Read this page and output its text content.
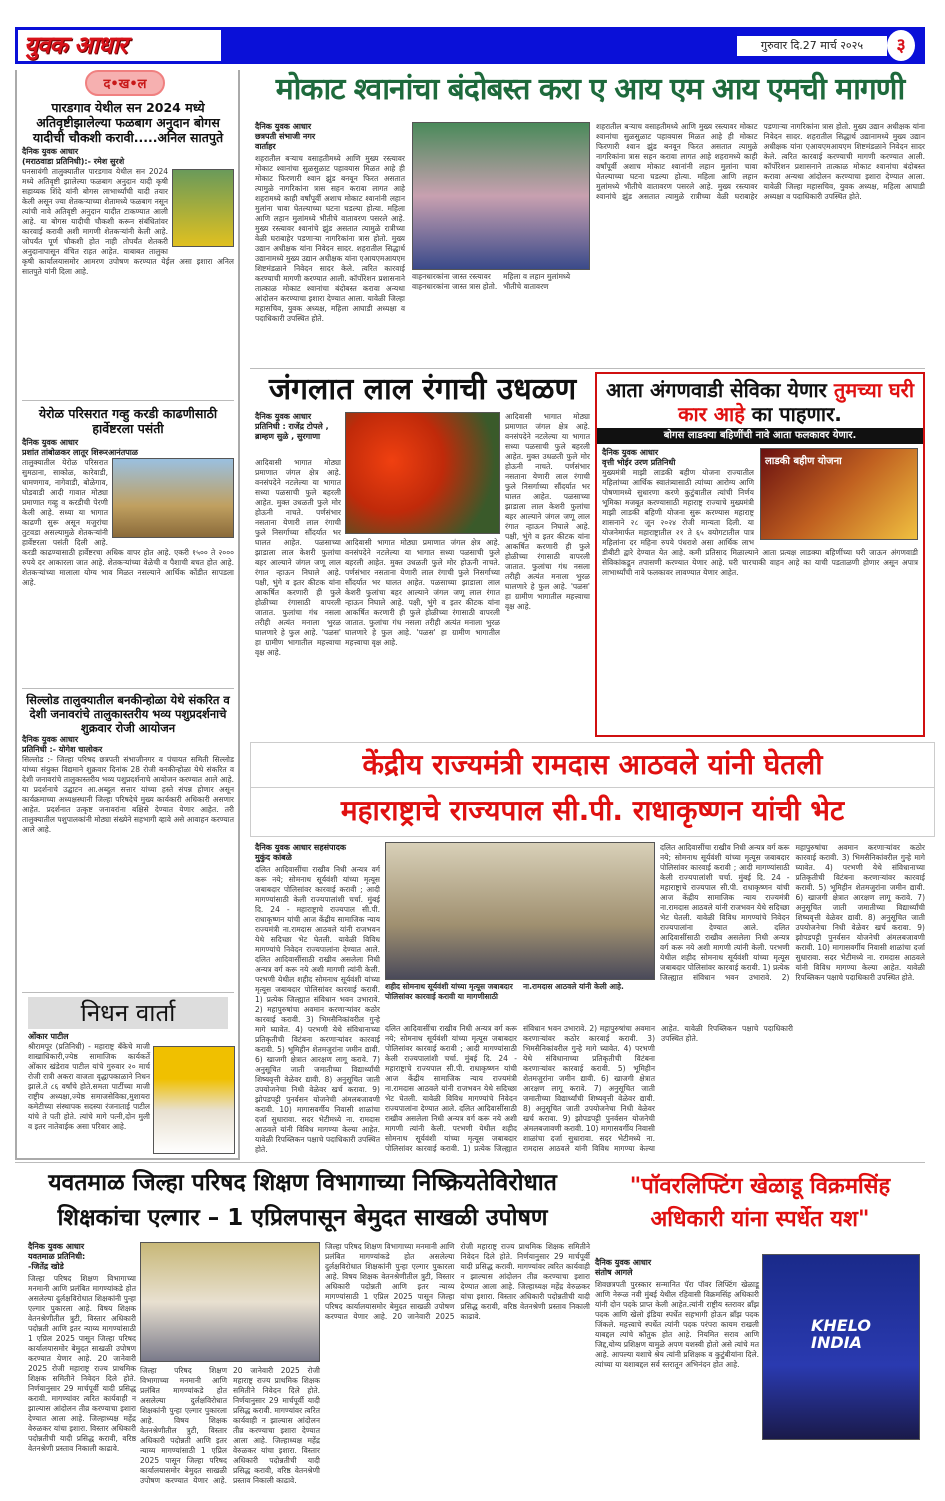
युवक आधार	गुरुवार दि.27 मार्च २०२५	३
द•ख•ल
पारडगाव येथील सन 2024 मध्ये अतिवृष्टीझालेल्या फळबाग अनुदान बोगस यादीची चौकशी करावी.....अनिल सातपुते
दैनिक युवक आधार
(मराठवाडा प्रतिनिधी):- रमेश सुरशे
घनसावंगी तालुक्यातील पारडगाव येथील सन 2024 मध्ये अतिवृष्टी झालेल्या फळबाग अनुदान यादी कृषी सहाय्यक शिंदे यांनी बोगस लाभार्थ्यांची यादी तयार केली असून ज्या शेतकऱ्याच्या शेतामध्ये फळबाग नसून त्यांची नावे अतिवृष्टी अनुदान यादीत टाकण्यात आली आहे. या बोगस यादीची चौकशी करून संबंधितांवर कारवाई करावी अशी मागणी शेतकऱ्यांनी केली आहे. जोपर्यंत पूर्ण चौकशी होत नाही तोपर्यंत शेतकरी अनुदानापासून वंचित राहत आहेत. याबाबत तालुका कृषी कार्यालयासमोर आमरण उपोषण करण्यात येईल असा इशारा अनिल सातपुते यांनी दिला आहे.
येरोळ परिसरात गव्हु करडी काढणीसाठी हार्वेष्टरला पसंती
दैनिक युवक आधार
प्रशांत तांबोळकर लातूर शिरूरआनंतपाळ
तालुक्यातील येरोळ परिसरात सुमठाना, साकोळ, कारेवाडी, धामणगाव, नागेवाडी, बोळेगाव, घोडवाडी आदी गावात मोठ्या प्रमाणात गव्हु व करडीची पेरणी केली आहे. सध्या या भागात काढणी सुरू असून मजुरांचा तुटवडा असल्यामुळे शेतकऱ्यांनी हार्वेष्टरला पसंती दिली आहे. करडी काढण्यासाठी हार्वेष्टरचा अधिक वापर होत आहे. एकरी १५०० ते २००० रुपये दर आकारला जात आहे. शेतकऱ्यांच्या वेळेची व पैशाची बचत होत आहे. शेतकऱ्यांच्या मालाला योग्य भाव मिळत नसल्याने आर्थिक कोंडीत सापडला आहे.
सिल्लोड तालुक्यातील बनकीन्होळा येथे संकरित व देशी जनावरांचे तालुकास्तरीय भव्य पशुप्रदर्शनाचे शुक्रवार रोजी आयोजन
दैनिक युवक आधार
प्रतिनिधी :- योगेश चालोकर
सिल्लोड :- जिल्हा परिषद छत्रपती संभाजीनगर व पंचायत समिती सिल्लोड यांच्या संयुक्त विद्यमाने शुक्रवार दिनांक 28 रोजी बनकीन्होळा येथे संकरित व देशी जनावरांचे तालुकास्तरीय भव्य पशुप्रदर्शनाचे आयोजन करण्यात आले आहे. या प्रदर्शनाचे उद्घाटन आ.अब्दुल सत्तार यांच्या हस्ते संपन्न होणार असून कार्यक्रमाच्या अध्यक्षस्थानी जिल्हा परिषदेचे मुख्य कार्यकारी अधिकारी असणार आहेत. प्रदर्शनात उत्कृष्ट जनावरांना बक्षिसे देण्यात येणार आहेत. तरी तालुक्यातील पशुपालकांनी मोठ्या संख्येने सहभागी व्हावे असे आवाहन करण्यात आले आहे.
निधन वार्ता
ओंकार पाटील
श्रीरामपूर (प्रतिनिधी) - महाराष्ट्र बँकेचे माजी शाखाधिकारी,ज्येष्ठ सामाजिक कार्यकर्ते ओंकार खंडेराव पाटील यांचे गुरुवार २० मार्च रोजी रात्री अकरा वाजता वृद्धापकाळाने निधन झाले.ते ८६ वर्षांचे होते.समता पार्टीच्या माजी राष्ट्रीय अध्यक्षा,ज्येष्ठ समाजसेविका,मुशायरा कमेटीच्या संस्थापक सदस्या रंजनाताई पाटील यांचे ते पती होते. त्यांचे मागे पत्नी,दोन मुली व इतर नातेवाईक असा परिवार आहे.
मोकाट श्वानांचा बंदोबस्त करा ए आय एम आय एमची मागणी
दैनिक युवक आधार
छत्रपती संभाजी नगर
वार्ताहर
शहरातील बऱ्याच वसाहतीमध्ये आणि मुख्य रस्त्यावर मोकाट श्वानांचा सुळसुळाट पहावयास मिळत आहे ही मोकाट फिरणारी श्वान झुंड बनवून फिरत असतात त्यामुळे नागरिकांना त्रास सहन करावा लागत आहे शहरामध्ये काही वर्षांपूर्वी अशाच मोकाट श्वानांनी लहान मुलांना चावा घेतल्याच्या घटना घडल्या होत्या. महिला आणि लहान मुलांमध्ये भीतीचे वातावरण पसरले आहे. मुख्य रस्त्यावर श्वानांचे झुंड असतात त्यामुळे रात्रीच्या वेळी घराबाहेर पडणाऱ्या नागरिकांना त्रास होतो. मुख्य उद्यान अधीक्षक यांना निवेदन सादर. शहरातील सिद्धार्थ उद्यानामध्ये मुख्य उद्यान अधीक्षक यांना एआयएमआयएम शिष्टमंडळाने निवेदन सादर केले. त्वरित कारवाई करण्याची मागणी करण्यात आली. कॉर्पोरेशन प्रशासनाने तात्काळ मोकाट श्वानांचा बंदोबस्त करावा अन्यथा आंदोलन करण्याचा इशारा देण्यात आला. यावेळी जिल्हा महासचिव, युवक अध्यक्ष, महिला आघाडी अध्यक्षा व पदाधिकारी उपस्थित होते.
शहरातील बऱ्याच वसाहतीमध्ये आणि मुख्य रस्त्यावर मोकाट श्वानांचा सुळसुळाट पहावयास मिळत आहे ही मोकाट फिरणारी श्वान झुंड बनवून फिरत असतात त्यामुळे नागरिकांना त्रास सहन करावा लागत आहे शहरामध्ये काही वर्षांपूर्वी अशाच मोकाट श्वानांनी लहान मुलांना चावा घेतल्याच्या घटना घडल्या होत्या. महिला आणि लहान मुलांमध्ये भीतीचे वातावरण पसरले आहे. मुख्य रस्त्यावर श्वानांचे झुंड असतात त्यामुळे रात्रीच्या वेळी घराबाहेर पडणाऱ्या नागरिकांना त्रास होतो. मुख्य उद्यान अधीक्षक यांना निवेदन सादर. शहरातील सिद्धार्थ उद्यानामध्ये मुख्य उद्यान अधीक्षक यांना एआयएमआयएम शिष्टमंडळाने निवेदन सादर केले. त्वरित कारवाई करण्याची मागणी करण्यात आली. कॉर्पोरेशन प्रशासनाने तात्काळ मोकाट श्वानांचा बंदोबस्त करावा अन्यथा आंदोलन करण्याचा इशारा देण्यात आला. यावेळी जिल्हा महासचिव, युवक अध्यक्ष, महिला आघाडी अध्यक्षा व पदाधिकारी उपस्थित होते.
वाहनधारकांना जास्त रस्त्यावर वाहनधारकांना जास्त त्रास होतो. महिला व लहान मुलांमध्ये भीतीचे वातावरण
जंगलात लाल रंगाची उधळण
दैनिक युवक आधार
प्रतिनिधी : राजेंद्र टोपले , ब्राम्हण सुळे , सुरगाणा
आदिवासी भागात मोठ्या प्रमाणात जंगल क्षेत्र आहे. वनसंपदेने नटलेल्या या भागात सध्या पळसाची फुले बहरली आहेत. मुक्त उधळती फुले मोर होऊनी नाचते. पर्णसंभार नसताना येणारी लाल रंगाची फुले निसर्गाच्या सौंदर्यात भर घालत आहेत. पळसाच्या झाडाला लाल केशरी फुलांचा बहर आल्याने जंगल जणू लाल रंगात न्हाऊन निघाले आहे. पक्षी, भुंगे व इतर कीटक यांना आकर्षित करणारी ही फुले होळीच्या रंगासाठी वापरली जातात. फुलांचा गंध नसला तरीही अत्यंत मनाला भुरळ घालणारे हे फुल आहे. 'पळस' हा ग्रामीण भागातील महत्त्वाचा वृक्ष आहे.
आदिवासी भागात मोठ्या प्रमाणात जंगल क्षेत्र आहे. वनसंपदेने नटलेल्या या भागात सध्या पळसाची फुले बहरली आहेत. मुक्त उधळती फुले मोर होऊनी नाचते. पर्णसंभार नसताना येणारी लाल रंगाची फुले निसर्गाच्या सौंदर्यात भर घालत आहेत. पळसाच्या झाडाला लाल केशरी फुलांचा बहर आल्याने जंगल जणू लाल रंगात न्हाऊन निघाले आहे. पक्षी, भुंगे व इतर कीटक यांना आकर्षित करणारी ही फुले होळीच्या रंगासाठी वापरली जातात. फुलांचा गंध नसला तरीही अत्यंत मनाला भुरळ घालणारे हे फुल आहे. 'पळस' हा ग्रामीण भागातील महत्त्वाचा वृक्ष आहे.
आदिवासी भागात मोठ्या प्रमाणात जंगल क्षेत्र आहे. वनसंपदेने नटलेल्या या भागात सध्या पळसाची फुले बहरली आहेत. मुक्त उधळती फुले मोर होऊनी नाचते. पर्णसंभार नसताना येणारी लाल रंगाची फुले निसर्गाच्या सौंदर्यात भर घालत आहेत. पळसाच्या झाडाला लाल केशरी फुलांचा बहर आल्याने जंगल जणू लाल रंगात न्हाऊन निघाले आहे. पक्षी, भुंगे व इतर कीटक यांना आकर्षित करणारी ही फुले होळीच्या रंगासाठी वापरली जातात. फुलांचा गंध नसला तरीही अत्यंत मनाला भुरळ घालणारे हे फुल आहे. 'पळस' हा ग्रामीण भागातील महत्त्वाचा वृक्ष आहे.
आता अंगणवाडी सेविका येणार तुमच्या घरी कार आहे का पाहणार.
बोगस लाडक्या बहिणींची नावे आता फलकावर येणार.
लाडकी बहीण योजना
दैनिक युवक आधार
वृत्ती भोईर उरण प्रतिनिधी
मुख्यमंत्री माझी लाडकी बहीण योजना राज्यातील महिलांच्या आर्थिक स्वातंत्र्यासाठी त्यांच्या आरोग्य आणि पोषणामध्ये सुधारणा करणे कुटुंबातील त्यांची निर्णय भूमिका मजबूत करण्यासाठी महाराष्ट्र राज्याचे मुख्यमंत्री माझी लाडकी बहिणी योजना सुरू करण्यास महाराष्ट्र शासनाने २८ जून २०२४ रोजी मान्यता दिली. या योजनेमार्फत महाराष्ट्रातील २१ ते ६५ वयोगटातील पात्र महिलांना दर महिना रुपये पंधराशे असा आर्थिक लाभ डीबीटी द्वारे देण्यात येत आहे. कमी प्रतिसाद मिळाल्याने आता प्रत्यक्ष लाडक्या बहिणींच्या घरी जाऊन अंगणवाडी सेविकांकडून तपासणी करण्यात येणार आहे. घरी चारचाकी वाहन आहे का याची पडताळणी होणार असून अपात्र लाभार्थ्यांची नावे फलकावर लावण्यात येणार आहेत.
केंद्रीय राज्यमंत्री रामदास आठवले यांनी घेतली
महाराष्ट्राचे राज्यपाल सी.पी. राधाकृष्णन यांची भेट
दैनिक युवक आधार सहसंपादक
मुकुंद कांबळे
शहीद सोमनाथ सूर्यवंशी यांच्या मृत्यूस जबाबदार पोलिसांवर कारवाई करावी या मागणीसाठी ना.रामदास आठवले यांनी केली आहे.
दलित आदिवासींचा राखीव निधी अन्यत्र वर्ग करू नये; सोमनाथ सूर्यवंशी यांच्या मृत्यूस जबाबदार पोलिसांवर कारवाई करावी ; आदी मागण्यांसाठी केली राज्यपालांशी चर्चा. मुंबई दि. 24 - महाराष्ट्राचे राज्यपाल सी.पी. राधाकृष्णन यांची आज केंद्रीय सामाजिक न्याय राज्यमंत्री ना.रामदास आठवले यांनी राजभवन येथे सदिच्छा भेट घेतली. यावेळी विविध मागण्यांचे निवेदन राज्यपालांना देण्यात आले. दलित आदिवासींसाठी राखीव असलेला निधी अन्यत्र वर्ग करू नये अशी मागणी त्यांनी केली. परभणी येथील शहीद सोमनाथ सूर्यवंशी यांच्या मृत्यूस जबाबदार पोलिसांवर कारवाई करावी. 1) प्रत्येक जिल्ह्यात संविधान भवन उभारावे. 2) महापुरुषांचा अवमान करणाऱ्यांवर कठोर कारवाई करावी. 3) भिमसैनिकांवरील गुन्हे मागे घ्यावेत. 4) परभणी येथे संविधानाच्या प्रतिकृतीची विटंबना करणाऱ्यांवर कारवाई करावी. 5) भूमिहीन शेतमजुरांना जमीन द्यावी. 6) खाजगी क्षेत्रात आरक्षण लागू करावे. 7) अनुसूचित जाती जमातीच्या विद्यार्थ्यांची शिष्यवृत्ती वेळेवर द्यावी. 8) अनुसूचित जाती उपयोजनेचा निधी वेळेवर खर्च करावा. 9) झोपडपट्टी पुनर्वसन योजनेची अंमलबजावणी करावी. 10) मागासवर्गीय निवासी शाळांचा दर्जा सुधारावा. सदर भेटीमध्ये ना. रामदास आठवले यांनी विविध मागण्या केल्या आहेत. यावेळी रिपब्लिकन पक्षाचे पदाधिकारी उपस्थित होते.
दलित आदिवासींचा राखीव निधी अन्यत्र वर्ग करू नये; सोमनाथ सूर्यवंशी यांच्या मृत्यूस जबाबदार पोलिसांवर कारवाई करावी ; आदी मागण्यांसाठी केली राज्यपालांशी चर्चा. मुंबई दि. 24 - महाराष्ट्राचे राज्यपाल सी.पी. राधाकृष्णन यांची आज केंद्रीय सामाजिक न्याय राज्यमंत्री ना.रामदास आठवले यांनी राजभवन येथे सदिच्छा भेट घेतली. यावेळी विविध मागण्यांचे निवेदन राज्यपालांना देण्यात आले. दलित आदिवासींसाठी राखीव असलेला निधी अन्यत्र वर्ग करू नये अशी मागणी त्यांनी केली. परभणी येथील शहीद सोमनाथ सूर्यवंशी यांच्या मृत्यूस जबाबदार पोलिसांवर कारवाई करावी. 1) प्रत्येक जिल्ह्यात संविधान भवन उभारावे. 2) महापुरुषांचा अवमान करणाऱ्यांवर कठोर कारवाई करावी. 3) भिमसैनिकांवरील गुन्हे मागे घ्यावेत. 4) परभणी येथे संविधानाच्या प्रतिकृतीची विटंबना करणाऱ्यांवर कारवाई करावी. 5) भूमिहीन शेतमजुरांना जमीन द्यावी. 6) खाजगी क्षेत्रात आरक्षण लागू करावे. 7) अनुसूचित जाती जमातीच्या विद्यार्थ्यांची शिष्यवृत्ती वेळेवर द्यावी. 8) अनुसूचित जाती उपयोजनेचा निधी वेळेवर खर्च करावा. 9) झोपडपट्टी पुनर्वसन योजनेची अंमलबजावणी करावी. 10) मागासवर्गीय निवासी शाळांचा दर्जा सुधारावा. सदर भेटीमध्ये ना. रामदास आठवले यांनी विविध मागण्या केल्या आहेत. यावेळी रिपब्लिकन पक्षाचे पदाधिकारी उपस्थित होते.
दलित आदिवासींचा राखीव निधी अन्यत्र वर्ग करू नये; सोमनाथ सूर्यवंशी यांच्या मृत्यूस जबाबदार पोलिसांवर कारवाई करावी ; आदी मागण्यांसाठी केली राज्यपालांशी चर्चा. मुंबई दि. 24 - महाराष्ट्राचे राज्यपाल सी.पी. राधाकृष्णन यांची आज केंद्रीय सामाजिक न्याय राज्यमंत्री ना.रामदास आठवले यांनी राजभवन येथे सदिच्छा भेट घेतली. यावेळी विविध मागण्यांचे निवेदन राज्यपालांना देण्यात आले. दलित आदिवासींसाठी राखीव असलेला निधी अन्यत्र वर्ग करू नये अशी मागणी त्यांनी केली. परभणी येथील शहीद सोमनाथ सूर्यवंशी यांच्या मृत्यूस जबाबदार पोलिसांवर कारवाई करावी. 1) प्रत्येक जिल्ह्यात संविधान भवन उभारावे. 2) महापुरुषांचा अवमान करणाऱ्यांवर कठोर कारवाई करावी. 3) भिमसैनिकांवरील गुन्हे मागे घ्यावेत. 4) परभणी येथे संविधानाच्या प्रतिकृतीची विटंबना करणाऱ्यांवर कारवाई करावी. 5) भूमिहीन शेतमजुरांना जमीन द्यावी. 6) खाजगी क्षेत्रात आरक्षण लागू करावे. 7) अनुसूचित जाती जमातीच्या विद्यार्थ्यांची शिष्यवृत्ती वेळेवर द्यावी. 8) अनुसूचित जाती उपयोजनेचा निधी वेळेवर खर्च करावा. 9) झोपडपट्टी पुनर्वसन योजनेची अंमलबजावणी करावी. 10) मागासवर्गीय निवासी शाळांचा दर्जा सुधारावा. सदर भेटीमध्ये ना. रामदास आठवले यांनी विविध मागण्या केल्या आहेत. यावेळी रिपब्लिकन पक्षाचे पदाधिकारी उपस्थित होते.
यवतमाळ जिल्हा परिषद शिक्षण विभागाच्या निष्क्रियतेविरोधात
शिक्षकांचा एल्गार – 1 एप्रिलपासून बेमुदत साखळी उपोषण
दैनिक युवक आधार
यवतमाळ प्रतिनिधी:
-जितेंद्र खोडे
जिल्हा परिषद शिक्षण विभागाच्या मनमानी आणि प्रलंबित मागण्यांकडे होत असलेल्या दुर्लक्षविरोधात शिक्षकांनी पुन्हा एल्गार पुकारला आहे. विषय शिक्षक वेतनश्रेणीतील त्रुटी, विस्तार अधिकारी पदोन्नती आणि इतर न्याय्य मागण्यांसाठी 1 एप्रिल 2025 पासून जिल्हा परिषद कार्यालयासमोर बेमुदत साखळी उपोषण करण्यात येणार आहे. 20 जानेवारी 2025 रोजी महाराष्ट्र राज्य प्राथमिक शिक्षक समितीने निवेदन दिले होते. निर्णयानुसार 29 मार्चपूर्वी यादी प्रसिद्ध करावी. मागण्यांवर त्वरित कार्यवाही न झाल्यास आंदोलन तीव्र करण्याचा इशारा देण्यात आला आहे. जिल्हाध्यक्ष महेंद्र वेरुळकर यांचा इशारा. विस्तार अधिकारी पदोन्नतीची यादी प्रसिद्ध करावी, वरिष्ठ वेतनश्रेणी प्रस्ताव निकाली काढावे.
जिल्हा परिषद शिक्षण विभागाच्या मनमानी आणि प्रलंबित मागण्यांकडे होत असलेल्या दुर्लक्षविरोधात शिक्षकांनी पुन्हा एल्गार पुकारला आहे. विषय शिक्षक वेतनश्रेणीतील त्रुटी, विस्तार अधिकारी पदोन्नती आणि इतर न्याय्य मागण्यांसाठी 1 एप्रिल 2025 पासून जिल्हा परिषद कार्यालयासमोर बेमुदत साखळी उपोषण करण्यात येणार आहे. 20 जानेवारी 2025 रोजी महाराष्ट्र राज्य प्राथमिक शिक्षक समितीने निवेदन दिले होते. निर्णयानुसार 29 मार्चपूर्वी यादी प्रसिद्ध करावी. मागण्यांवर त्वरित कार्यवाही न झाल्यास आंदोलन तीव्र करण्याचा इशारा देण्यात आला आहे. जिल्हाध्यक्ष महेंद्र वेरुळकर यांचा इशारा. विस्तार अधिकारी पदोन्नतीची यादी प्रसिद्ध करावी, वरिष्ठ वेतनश्रेणी प्रस्ताव निकाली काढावे.
जिल्हा परिषद शिक्षण विभागाच्या मनमानी आणि प्रलंबित मागण्यांकडे होत असलेल्या दुर्लक्षविरोधात शिक्षकांनी पुन्हा एल्गार पुकारला आहे. विषय शिक्षक वेतनश्रेणीतील त्रुटी, विस्तार अधिकारी पदोन्नती आणि इतर न्याय्य मागण्यांसाठी 1 एप्रिल 2025 पासून जिल्हा परिषद कार्यालयासमोर बेमुदत साखळी उपोषण करण्यात येणार आहे. 20 जानेवारी 2025 रोजी महाराष्ट्र राज्य प्राथमिक शिक्षक समितीने निवेदन दिले होते. निर्णयानुसार 29 मार्चपूर्वी यादी प्रसिद्ध करावी. मागण्यांवर त्वरित कार्यवाही न झाल्यास आंदोलन तीव्र करण्याचा इशारा देण्यात आला आहे. जिल्हाध्यक्ष महेंद्र वेरुळकर यांचा इशारा. विस्तार अधिकारी पदोन्नतीची यादी प्रसिद्ध करावी, वरिष्ठ वेतनश्रेणी प्रस्ताव निकाली काढावे.
"पॉवरलिफ्टिंग खेळाडू विक्रमसिंह अधिकारी यांना स्पर्धेत यश"
दैनिक युवक आधार
संतोष आगले
KHELO INDIA
शिवछत्रपती पुरस्कार सन्मानित पॅरा पॉवर लिफ्टिंग खेळाडू आणि नेरूळ नवी मुंबई येथील रहिवासी विक्रमसिंह अधिकारी यांनी दोन पदके प्राप्त केली आहेत.त्यांनी राष्ट्रीय स्तरावर ब्राँझ पदक आणि खेलो इंडिया स्पर्धेत सहभागी होऊन ब्राँझ पदक जिंकले. महत्त्वाचे स्पर्धेत त्यांनी पदक परंपरा कायम राखली याबद्दल त्यांचे कौतुक होत आहे. नियमित सराव आणि जिद्द,योग्य प्रशिक्षण यामुळे अपण यशस्वी होतो असे त्यांचे मत आहे. आपल्या यशाचे श्रेय त्यांनी प्रशिक्षक व कुटुंबीयांना दिले. त्यांच्या या यशाबद्दल सर्व स्तरातून अभिनंदन होत आहे.
